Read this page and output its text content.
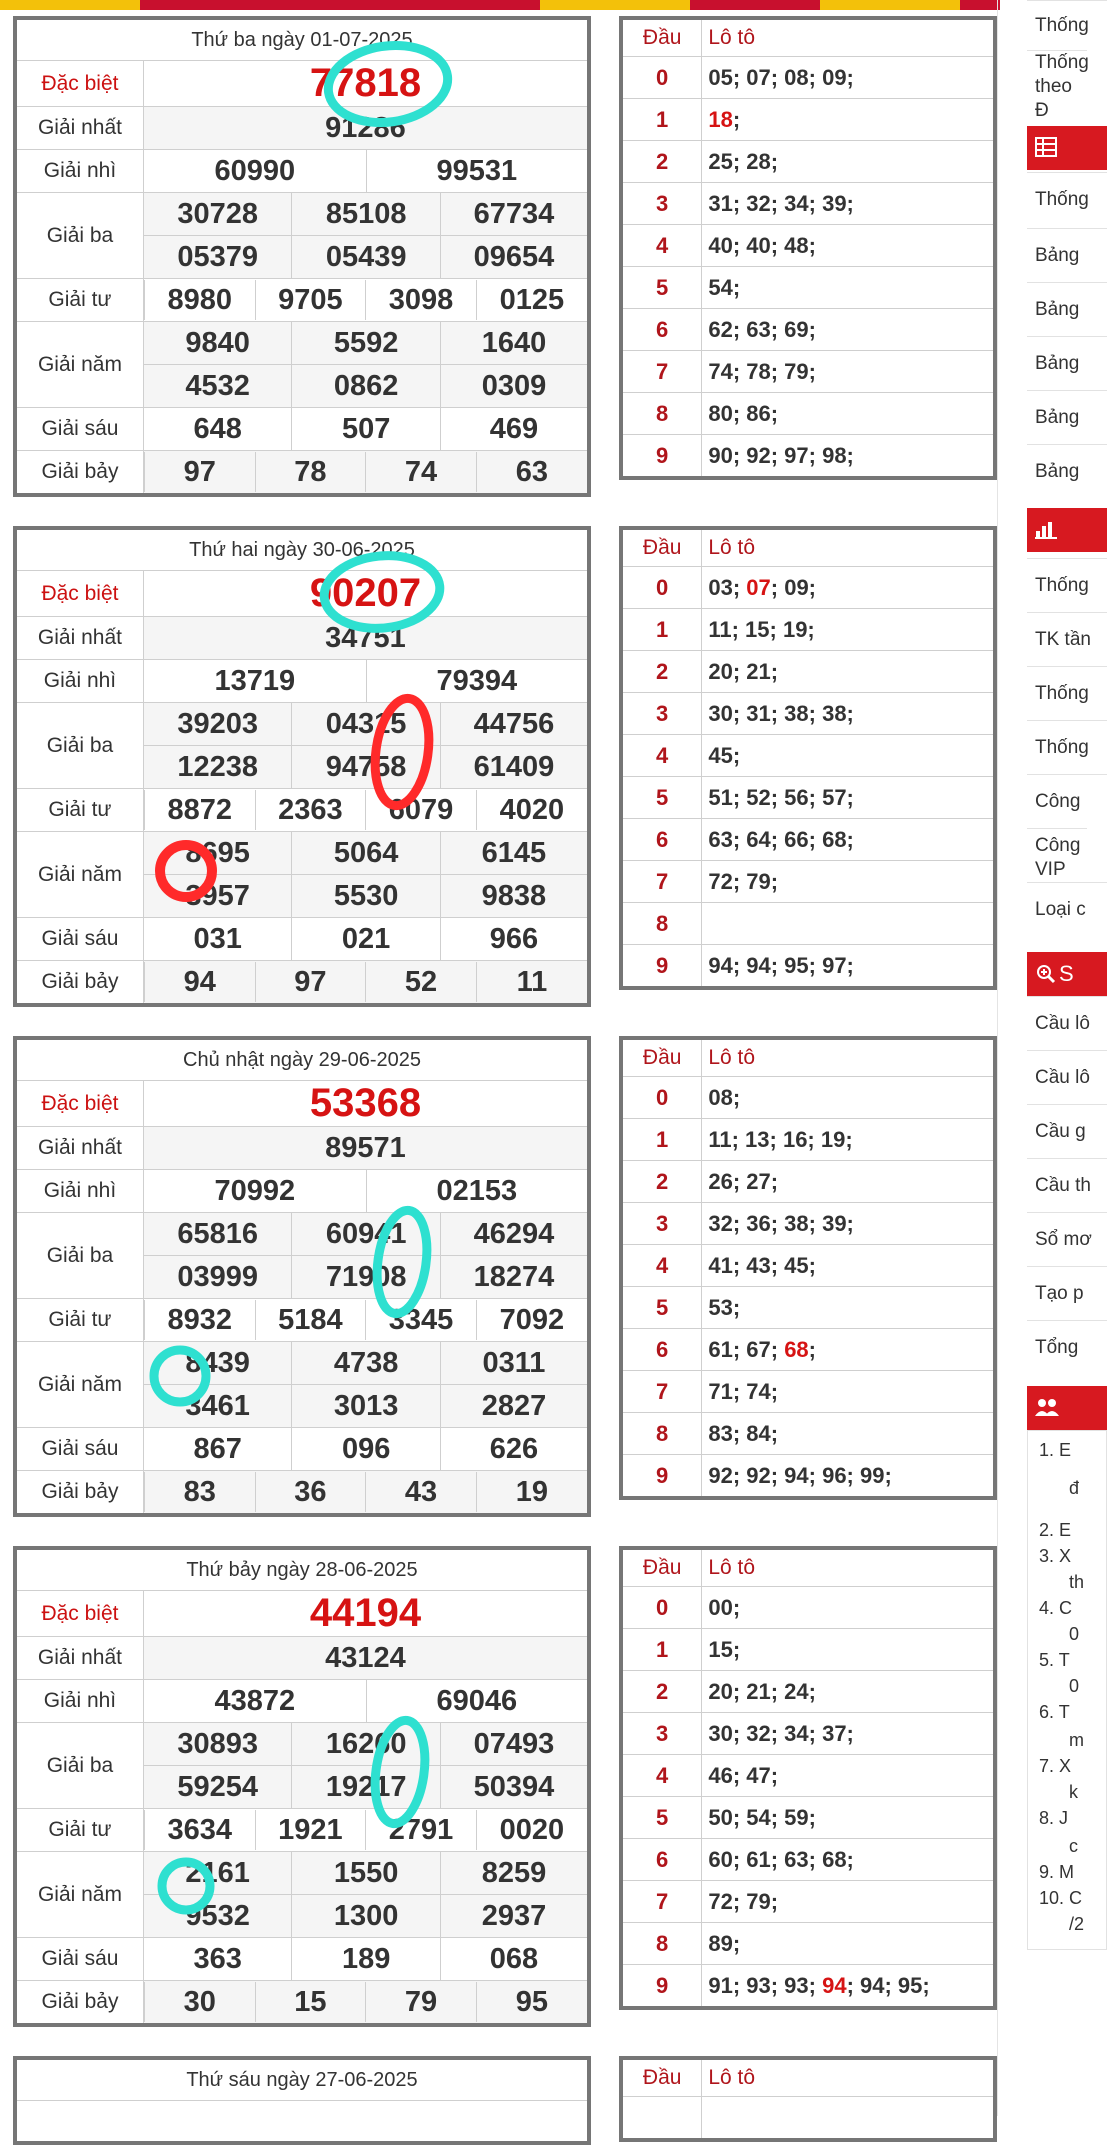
Thứ ba ngày 01-07-2025
Đặc biệt	77818
Giải nhất	91286
Giải nhì	60990	99531
Giải ba	30728	85108	67734
05379	05439	09654
Giải tư	8980	9705	3098	0125

Giải năm	9840	5592	1640
4532	0862	0309
Giải sáu	648	507	469
Giải bảy	97	78	74	63
Đầu	Lô tô
0	05; 07; 08; 09;
1	18;
2	25; 28;
3	31; 32; 34; 39;
4	40; 40; 48;
5	54;
6	62; 63; 69;
7	74; 78; 79;
8	80; 86;
9	90; 92; 97; 98;
Thứ hai ngày 30-06-2025
Đặc biệt	90207
Giải nhất	34751
Giải nhì	13719	79394
Giải ba	39203	04315	44756
12238	94758	61409
Giải tư	8872	2363	6079	4020

Giải năm	8695	5064	6145
3957	5530	9838
Giải sáu	031	021	966
Giải bảy	94	97	52	11
Đầu	Lô tô
0	03; 07; 09;
1	11; 15; 19;
2	20; 21;
3	30; 31; 38; 38;
4	45;
5	51; 52; 56; 57;
6	63; 64; 66; 68;
7	72; 79;
8	
9	94; 94; 95; 97;
Chủ nhật ngày 29-06-2025
Đặc biệt	53368
Giải nhất	89571
Giải nhì	70992	02153
Giải ba	65816	60941	46294
03999	71908	18274
Giải tư	8932	5184	3345	7092

Giải năm	8439	4738	0311
3461	3013	2827
Giải sáu	867	096	626
Giải bảy	83	36	43	19
Đầu	Lô tô
0	08;
1	11; 13; 16; 19;
2	26; 27;
3	32; 36; 38; 39;
4	41; 43; 45;
5	53;
6	61; 67; 68;
7	71; 74;
8	83; 84;
9	92; 92; 94; 96; 99;
Thứ bảy ngày 28-06-2025
Đặc biệt	44194
Giải nhất	43124
Giải nhì	43872	69046
Giải ba	30893	16260	07493
59254	19217	50394
Giải tư	3634	1921	2791	0020

Giải năm	2161	1550	8259
9532	1300	2937
Giải sáu	363	189	068
Giải bảy	30	15	79	95
Đầu	Lô tô
0	00;
1	15;
2	20; 21; 24;
3	30; 32; 34; 37;
4	46; 47;
5	50; 54; 59;
6	60; 61; 63; 68;
7	72; 79;
8	89;
9	91; 93; 93; 94; 94; 95;
Thứ sáu ngày 27-06-2025	Đầu	Lô tô

Thống
Thống theo Đ
Thống
Bảng
Bảng
Bảng
Bảng
Bảng
Thống
TK tần
Thống
Thống
Công
Công VIP
Loại c
S
Cầu lô
Cầu lô
Cầu g
Cầu th
Sổ mơ
Tạo p
Tổng
1. E
đ
2. E
3. X
th
4. C
0
5. T
0
6. T
m
7. X
k
8. J
c
9. M
10. C
/2
